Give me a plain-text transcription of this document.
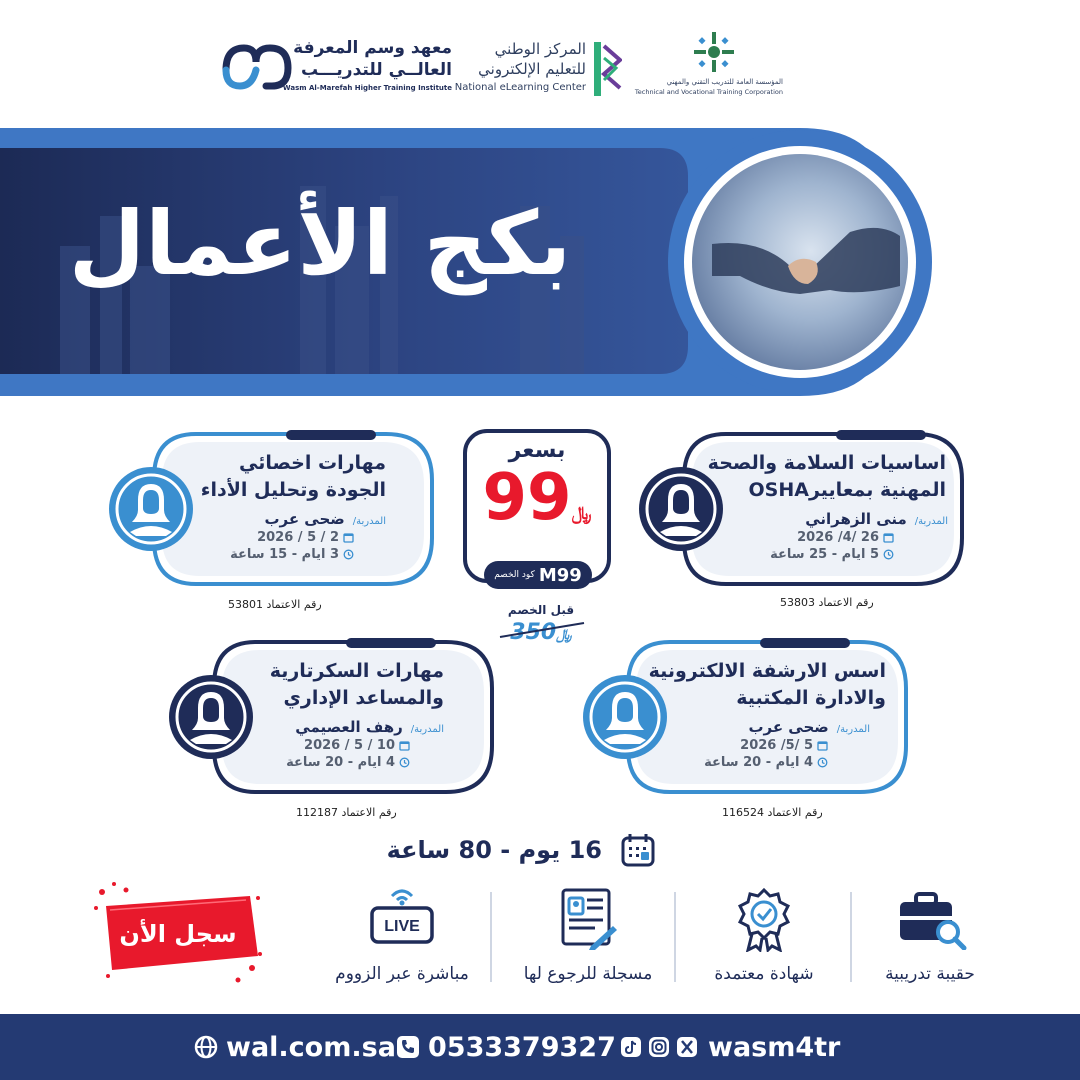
معهد وسم المعرفة
العالــي للتدريـــب
Wasm Al-Marefah Higher Training Institute
المركز الوطني
للتعليم الإلكتروني
National eLearning Center	المؤسسة العامة للتدريب التقني والمهني
Technical and Vocational Training Corporation
بكج الأعمال
اساسيات السلامة والصحة
المهنية بمعاييرOSHA
المدربة/
منى الزهراني
26 /4/ 2026
5 ايام - 25 ساعة
رقم الاعتماد 53803
مهارات اخصائي
الجودة وتحليل الأداء
المدربة/
ضحى عرب
2 / 5 / 2026
3 ايام - 15 ساعة
رقم الاعتماد 53801
اسس الارشفة الالكترونية
والادارة المكتبية
المدربة/
ضحى عرب
5 /5/ 2026
4 ايام - 20 ساعة
رقم الاعتماد 116524
مهارات السكرتارية
والمساعد الإداري
المدربة/
رهف العصيمي
10 / 5 / 2026
4 ايام - 20 ساعة
رقم الاعتماد 112187
بسعر
99﷼
M99
كود الخصم
قبل الخصم
350﷼
16 يوم - 80 ساعة
حقيبة تدريبية
شهادة معتمدة
مسجلة للرجوع لها
LIVE
مباشرة عبر الزووم
سجل الأن
wal.com.sa 0533379327	wasm4tr
